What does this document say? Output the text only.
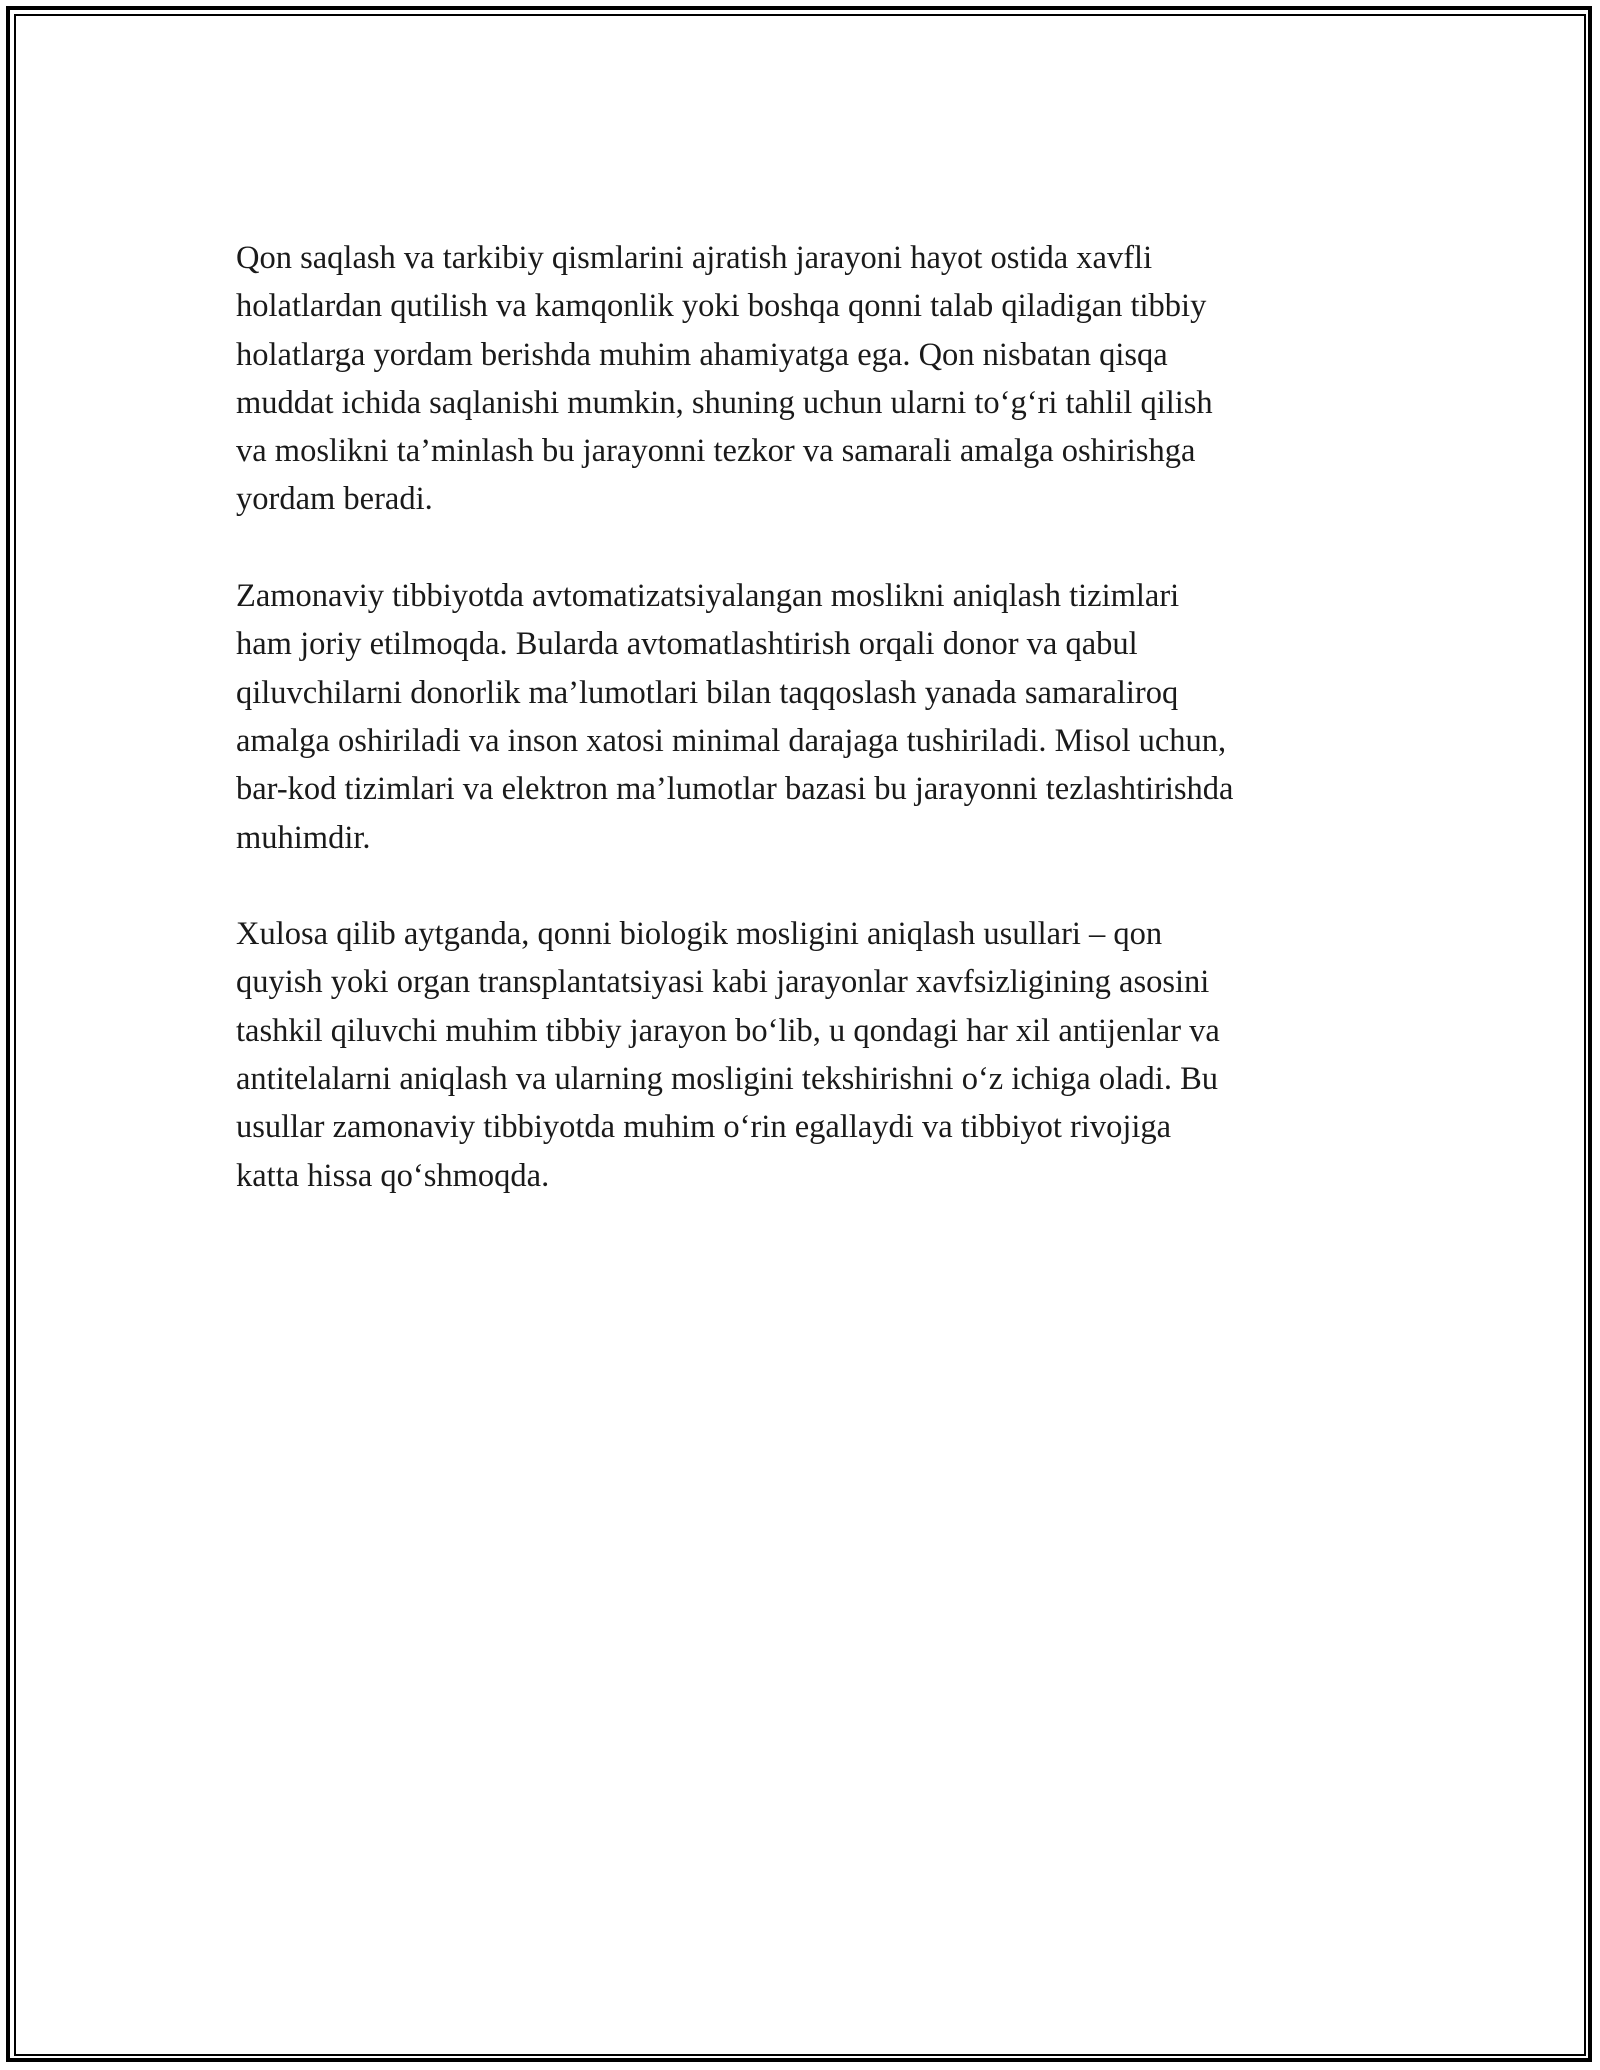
Qon saqlash va tarkibiy qismlarini ajratish jarayoni hayot ostida xavfli
holatlardan qutilish va kamqonlik yoki boshqa qonni talab qiladigan tibbiy
holatlarga yordam berishda muhim ahamiyatga ega. Qon nisbatan qisqa
muddat ichida saqlanishi mumkin, shuning uchun ularni to‘g‘ri tahlil qilish
va moslikni ta’minlash bu jarayonni tezkor va samarali amalga oshirishga
yordam beradi.

Zamonaviy tibbiyotda avtomatizatsiyalangan moslikni aniqlash tizimlari
ham joriy etilmoqda. Bularda avtomatlashtirish orqali donor va qabul
qiluvchilarni donorlik ma’lumotlari bilan taqqoslash yanada samaraliroq
amalga oshiriladi va inson xatosi minimal darajaga tushiriladi. Misol uchun,
bar-kod tizimlari va elektron ma’lumotlar bazasi bu jarayonni tezlashtirishda
muhimdir.

Xulosa qilib aytganda, qonni biologik mosligini aniqlash usullari – qon
quyish yoki organ transplantatsiyasi kabi jarayonlar xavfsizligining asosini
tashkil qiluvchi muhim tibbiy jarayon bo‘lib, u qondagi har xil antijenlar va
antitelalarni aniqlash va ularning mosligini tekshirishni o‘z ichiga oladi. Bu
usullar zamonaviy tibbiyotda muhim o‘rin egallaydi va tibbiyot rivojiga
katta hissa qo‘shmoqda.
